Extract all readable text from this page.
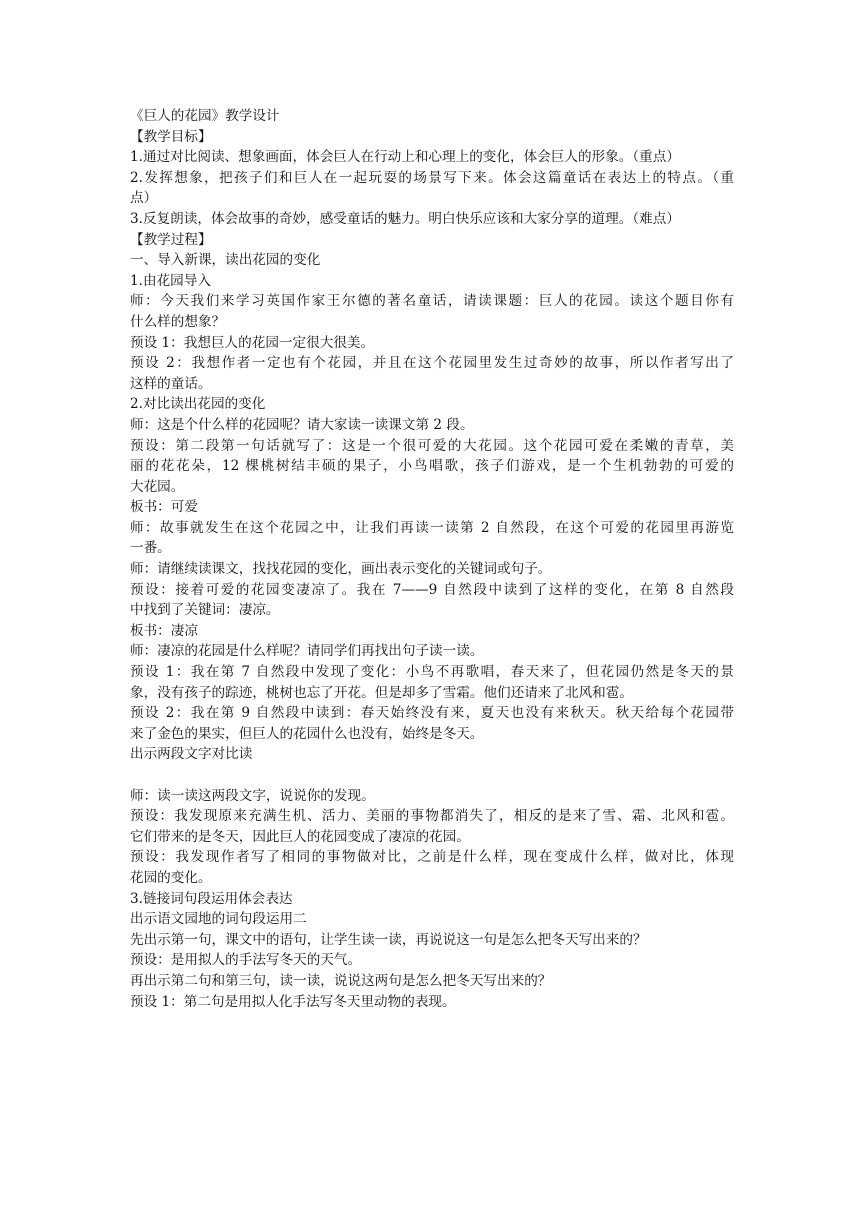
《巨人的花园》教学设计
【教学目标】
1.通过对比阅读、想象画面，体会巨人在行动上和心理上的变化，体会巨人的形象。（重点）
2.发挥想象，把孩子们和巨人在一起玩耍的场景写下来。体会这篇童话在表达上的特点。（重
点）
3.反复朗读，体会故事的奇妙，感受童话的魅力。明白快乐应该和大家分享的道理。（难点）
【教学过程】
一、导入新课，读出花园的变化
1.由花园导入
师：今天我们来学习英国作家王尔德的著名童话，请读课题：巨人的花园。读这个题目你有
什么样的想象？
预设 1：我想巨人的花园一定很大很美。
预设 2：我想作者一定也有个花园，并且在这个花园里发生过奇妙的故事，所以作者写出了
这样的童话。
2.对比读出花园的变化
师：这是个什么样的花园呢？请大家读一读课文第 2 段。
预设：第二段第一句话就写了：这是一个很可爱的大花园。这个花园可爱在柔嫩的青草，美
丽的花花朵，12 棵桃树结丰硕的果子，小鸟唱歌，孩子们游戏，是一个生机勃勃的可爱的
大花园。
板书：可爱
师：故事就发生在这个花园之中，让我们再读一读第 2 自然段，在这个可爱的花园里再游览
一番。
师：请继续读课文，找找花园的变化，画出表示变化的关键词或句子。
预设：接着可爱的花园变凄凉了。我在 7——9 自然段中读到了这样的变化，在第 8 自然段
中找到了关键词：凄凉。
板书：凄凉
师：凄凉的花园是什么样呢？请同学们再找出句子读一读。
预设 1：我在第 7 自然段中发现了变化：小鸟不再歌唱，春天来了，但花园仍然是冬天的景
象，没有孩子的踪迹，桃树也忘了开花。但是却多了雪霜。他们还请来了北风和雹。
预设 2：我在第 9 自然段中读到：春天始终没有来，夏天也没有来秋天。秋天给每个花园带
来了金色的果实，但巨人的花园什么也没有，始终是冬天。
出示两段文字对比读
师：读一读这两段文字，说说你的发现。
预设：我发现原来充满生机、活力、美丽的事物都消失了，相反的是来了雪、霜、北风和雹。
它们带来的是冬天，因此巨人的花园变成了凄凉的花园。
预设：我发现作者写了相同的事物做对比，之前是什么样，现在变成什么样，做对比，体现
花园的变化。
3.链接词句段运用体会表达
出示语文园地的词句段运用二
先出示第一句，课文中的语句，让学生读一读，再说说这一句是怎么把冬天写出来的？
预设：是用拟人的手法写冬天的天气。
再出示第二句和第三句，读一读，说说这两句是怎么把冬天写出来的？
预设 1：第二句是用拟人化手法写冬天里动物的表现。
